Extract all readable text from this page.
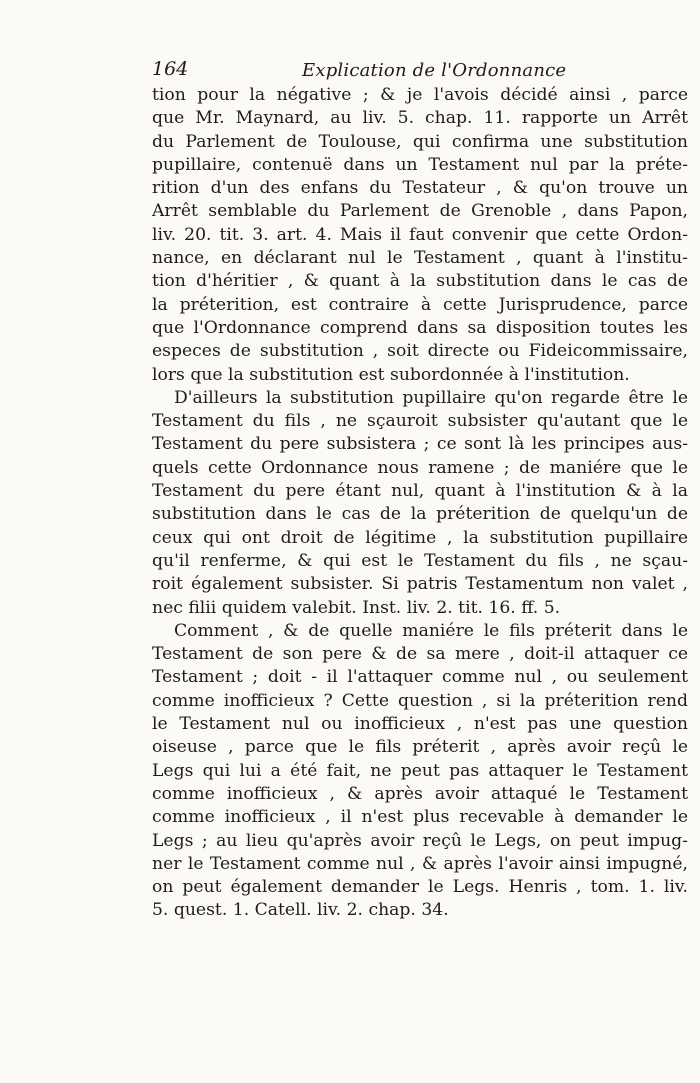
164	Explication de l'Ordonnance
tion pour la négative ; & je l'avois décidé ainsi , parce
que Mr. Maynard, au liv. 5. chap. 11. rapporte un Arrêt
du Parlement de Toulouse, qui confirma une substitution
pupillaire, contenuë dans un Testament nul par la préte-
rition d'un des enfans du Testateur , & qu'on trouve un
Arrêt semblable du Parlement de Grenoble , dans Papon,
liv. 20. tit. 3. art. 4. Mais il faut convenir que cette Ordon-
nance, en déclarant nul le Testament , quant à l'institu-
tion d'héritier , & quant à la substitution dans le cas de
la préterition, est contraire à cette Jurisprudence, parce
que l'Ordonnance comprend dans sa disposition toutes les
especes de substitution , soit directe ou Fideicommissaire,
lors que la substitution est subordonnée à l'institution.
D'ailleurs la substitution pupillaire qu'on regarde être le
Testament du fils , ne sçauroit subsister qu'autant que le
Testament du pere subsistera ; ce sont là les principes aus-
quels cette Ordonnance nous ramene ; de maniére que le
Testament du pere étant nul, quant à l'institution & à la
substitution dans le cas de la préterition de quelqu'un de
ceux qui ont droit de légitime , la substitution pupillaire
qu'il renferme, & qui est le Testament du fils , ne sçau-
roit également subsister. Si patris Testamentum non valet ,
nec filii quidem valebit. Inst. liv. 2. tit. 16. ff. 5.
Comment , & de quelle maniére le fils préterit dans le
Testament de son pere & de sa mere , doit-il attaquer ce
Testament ; doit - il l'attaquer comme nul , ou seulement
comme inofficieux ? Cette question , si la préterition rend
le Testament nul ou inofficieux , n'est pas une question
oiseuse , parce que le fils préterit , après avoir reçû le
Legs qui lui a été fait, ne peut pas attaquer le Testament
comme inofficieux , & après avoir attaqué le Testament
comme inofficieux , il n'est plus recevable à demander le
Legs ; au lieu qu'après avoir reçû le Legs, on peut impug-
ner le Testament comme nul , & après l'avoir ainsi impugné,
on peut également demander le Legs. Henris , tom. 1. liv.
5. quest. 1. Catell. liv. 2. chap. 34.
